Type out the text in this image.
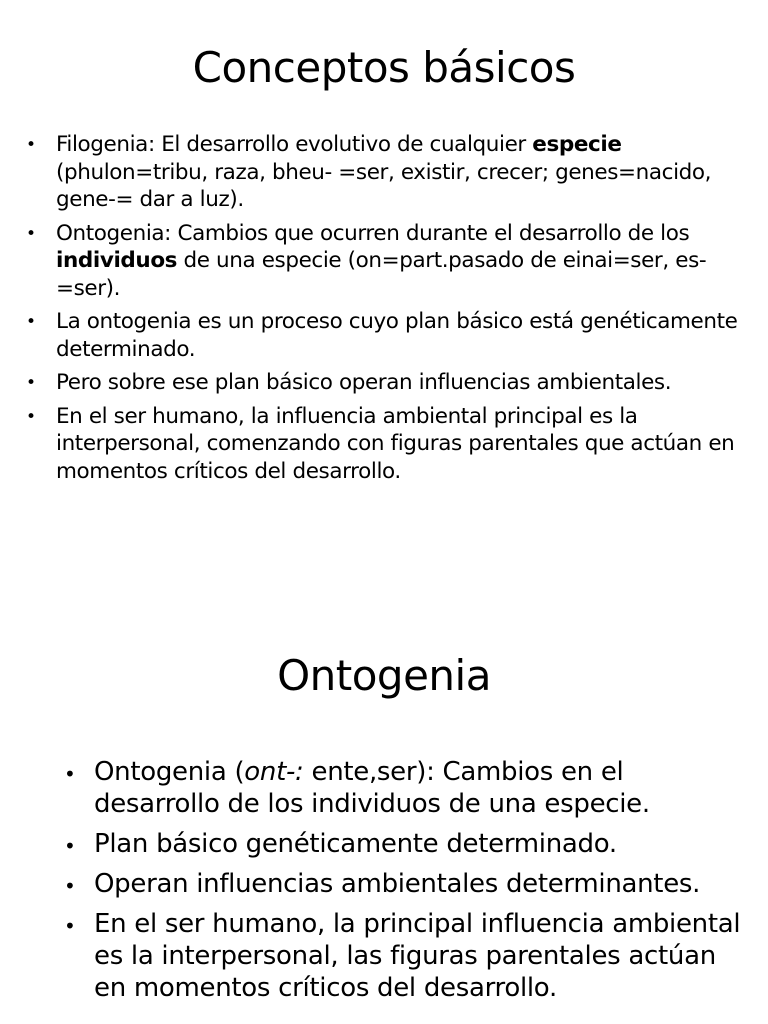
Conceptos básicos
• Filogenia: El desarrollo evolutivo de cualquier especie (phulon=tribu, raza, bheu- =ser, existir, crecer; genes=nacido, gene-= dar a luz).
• Ontogenia: Cambios que ocurren durante el desarrollo de los individuos de una especie (on=part.pasado de einai=ser, es-=ser).
• La ontogenia es un proceso cuyo plan básico está genéticamente determinado.
• Pero sobre ese plan básico operan influencias ambientales.
• En el ser humano, la influencia ambiental principal es la interpersonal, comenzando con figuras parentales que actúan en momentos críticos del desarrollo.
Ontogenia
• Ontogenia (ont-: ente,ser): Cambios en el desarrollo de los individuos de una especie.
• Plan básico genéticamente determinado.
• Operan influencias ambientales determinantes.
• En el ser humano, la principal influencia ambiental es la interpersonal, las figuras parentales actúan en momentos críticos del desarrollo.
